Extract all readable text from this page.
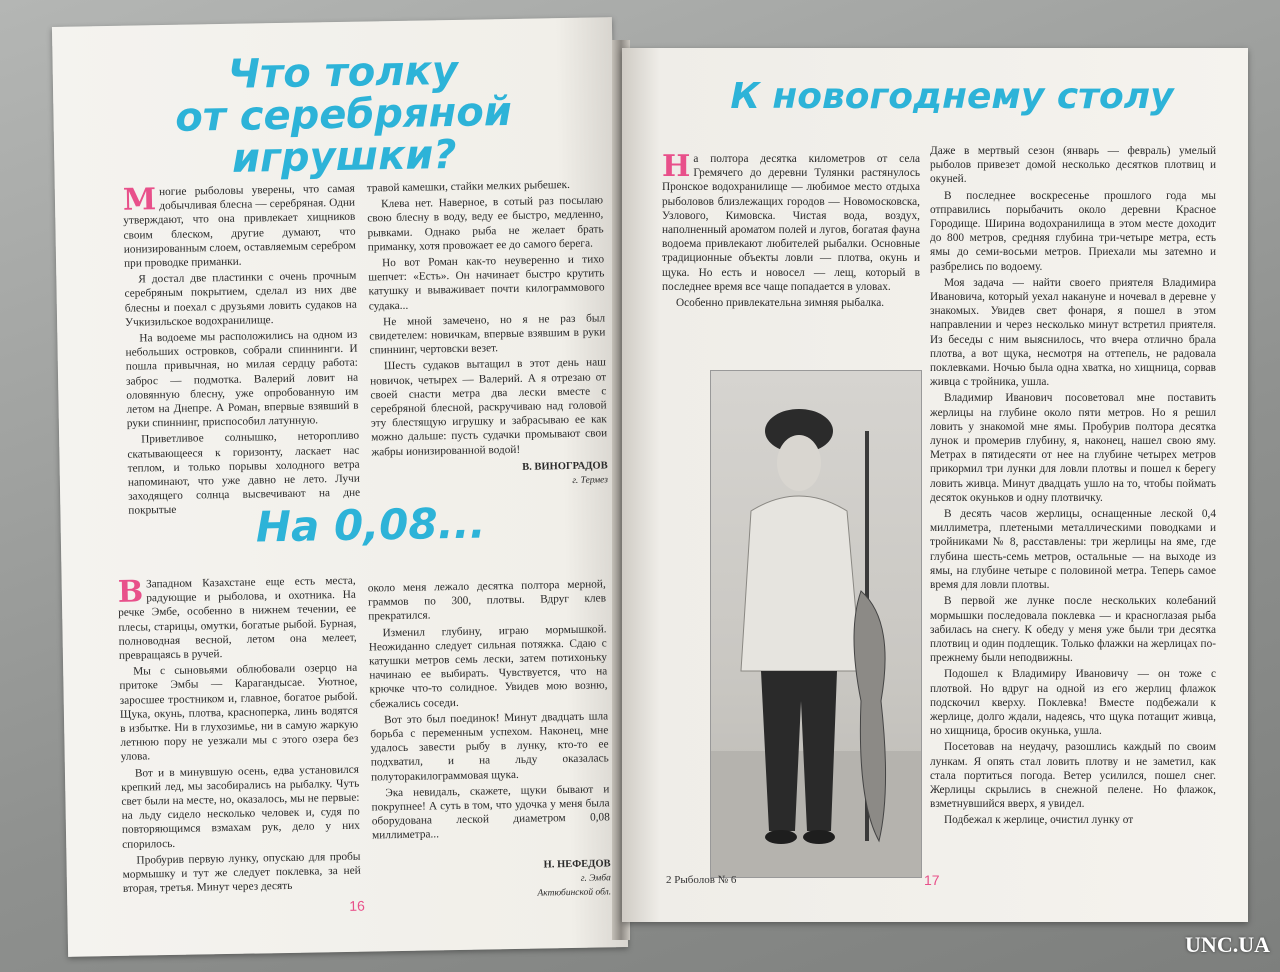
Что толку
от серебряной игрушки?

Многие рыболовы уверены, что самая добычливая блесна — серебряная. Одни утверждают, что она привлекает хищников своим блеском, другие думают, что ионизированным слоем, оставляемым серебром при проводке приманки.

Я достал две пластинки с очень прочным серебряным покрытием, сделал из них две блесны и поехал с друзьями ловить судаков на Учкизильское водохранилище.

На водоеме мы расположились на одном из небольших островков, собрали спиннинги. И пошла привычная, но милая сердцу работа: заброс — подмотка. Валерий ловит на оловянную блесну, уже опробованную им летом на Днепре. А Роман, впервые взявший в руки спиннинг, приспособил латунную.

Приветливое солнышко, неторопливо скатывающееся к горизонту, ласкает нас теплом, и только порывы холодного ветра напоминают, что уже давно не лето. Лучи заходящего солнца высвечивают на дне покрытые

травой камешки, стайки мелких рыбешек.

Клева нет. Наверное, в сотый раз посылаю свою блесну в воду, веду ее быстро, медленно, рывками. Однако рыба не желает брать приманку, хотя провожает ее до самого берега.

Но вот Роман как-то неуверенно и тихо шепчет: «Есть». Он начинает быстро крутить катушку и вываживает почти килограммового судака...

Не мной замечено, но я не раз был свидетелем: новичкам, впервые взявшим в руки спиннинг, чертовски везет.

Шесть судаков вытащил в этот день наш новичок, четырех — Валерий. А я отрезаю от своей снасти метра два лески вместе с серебряной блесной, раскручиваю над головой эту блестящую игрушку и забрасываю ее как можно дальше: пусть судачки промывают свои жабры ионизированной водой!

В. ВИНОГРАДОВ
г. Термез
На 0,08...

В Западном Казахстане еще есть места, радующие и рыболова, и охотника. На речке Эмбе, особенно в нижнем течении, ее плесы, старицы, омутки, богатые рыбой. Бурная, полноводная весной, летом она мелеет, превращаясь в ручей.

Мы с сыновьями облюбовали озерцо на притоке Эмбы — Карагандысае. Уютное, заросшее тростником и, главное, богатое рыбой. Щука, окунь, плотва, красноперка, линь водятся в избытке. Ни в глухозимье, ни в самую жаркую летнюю пору не уезжали мы с этого озера без улова.

Вот и в минувшую осень, едва установился крепкий лед, мы засобирались на рыбалку. Чуть свет были на месте, но, оказалось, мы не первые: на льду сидело несколько человек и, судя по повторяющимся взмахам рук, дело у них спорилось.

Пробурив первую лунку, опускаю для пробы мормышку и тут же следует поклевка, за ней вторая, третья. Минут через десять

около меня лежало десятка полтора мерной, граммов по 300, плотвы. Вдруг клев прекратился.

Изменил глубину, играю мормышкой. Неожиданно следует сильная потяжка. Сдаю с катушки метров семь лески, затем потихоньку начинаю ее выбирать. Чувствуется, что на крючке что-то солидное. Увидев мою возню, сбежались соседи.

Вот это был поединок! Минут двадцать шла борьба с переменным успехом. Наконец, мне удалось завести рыбу в лунку, кто-то ее подхватил, и на льду оказалась полуторакилограммовая щука.

Эка невидаль, скажете, щуки бывают и покрупнее! А суть в том, что удочка у меня была оборудована леской диаметром 0,08 миллиметра...

Н. НЕФЕДОВ
г. Эмба
Актюбинской обл.
16
К новогоднему столу

На полтора десятка километров от села Гремячего до деревни Тулянки растянулось Пронское водохранилище — любимое место отдыха рыболовов близлежащих городов — Новомосковска, Узлового, Кимовска. Чистая вода, воздух, наполненный ароматом полей и лугов, богатая фауна водоема привлекают любителей рыбалки. Основные традиционные объекты ловли — плотва, окунь и щука. Но есть и новосел — лещ, который в последнее время все чаще попадается в уловах.

Особенно привлекательна зимняя рыбалка.

Даже в мертвый сезон (январь — февраль) умелый рыболов привезет домой несколько десятков плотвиц и окуней.

В последнее воскресенье прошлого года мы отправились порыбачить около деревни Красное Городище. Ширина водохранилища в этом месте доходит до 800 метров, средняя глубина три-четыре метра, есть ямы до семи-восьми метров. Приехали мы затемно и разбрелись по водоему.

Моя задача — найти своего приятеля Владимира Ивановича, который уехал накануне и ночевал в деревне у знакомых. Увидев свет фонаря, я пошел в этом направлении и через несколько минут встретил приятеля. Из беседы с ним выяснилось, что вчера отлично брала плотва, а вот щука, несмотря на оттепель, не радовала поклевками. Ночью была одна хватка, но хищница, сорвав живца с тройника, ушла.

Владимир Иванович посоветовал мне поставить жерлицы на глубине около пяти метров. Но я решил ловить у знакомой мне ямы. Пробурив полтора десятка лунок и промерив глубину, я, наконец, нашел свою яму. Метрах в пятидесяти от нее на глубине четырех метров прикормил три лунки для ловли плотвы и пошел к берегу ловить живца. Минут двадцать ушло на то, чтобы поймать десяток окуньков и одну плотвичку.

В десять часов жерлицы, оснащенные леской 0,4 миллиметра, плетеными металлическими поводками и тройниками № 8, расставлены: три жерлицы на яме, где глубина шесть-семь метров, остальные — на выходе из ямы, на глубине четыре с половиной метра. Теперь самое время для ловли плотвы.

В первой же лунке после нескольких колебаний мормышки последовала поклевка — и красноглазая рыба забилась на снегу. К обеду у меня уже были три десятка плотвиц и один подлещик. Только флажки на жерлицах по-прежнему были неподвижны.

Подошел к Владимиру Ивановичу — он тоже с плотвой. Но вдруг на одной из его жерлиц флажок подскочил кверху. Поклевка! Вместе подбежали к жерлице, долго ждали, надеясь, что щука потащит живца, но хищница, бросив окунька, ушла.

Посетовав на неудачу, разошлись каждый по своим лункам. Я опять стал ловить плотву и не заметил, как стала портиться погода. Ветер усилился, пошел снег. Жерлицы скрылись в снежной пелене. Но флажок, взметнувшийся вверх, я увидел.

Подбежал к жерлице, очистил лунку от

2 Рыболов № 6	17
UNC.UA
